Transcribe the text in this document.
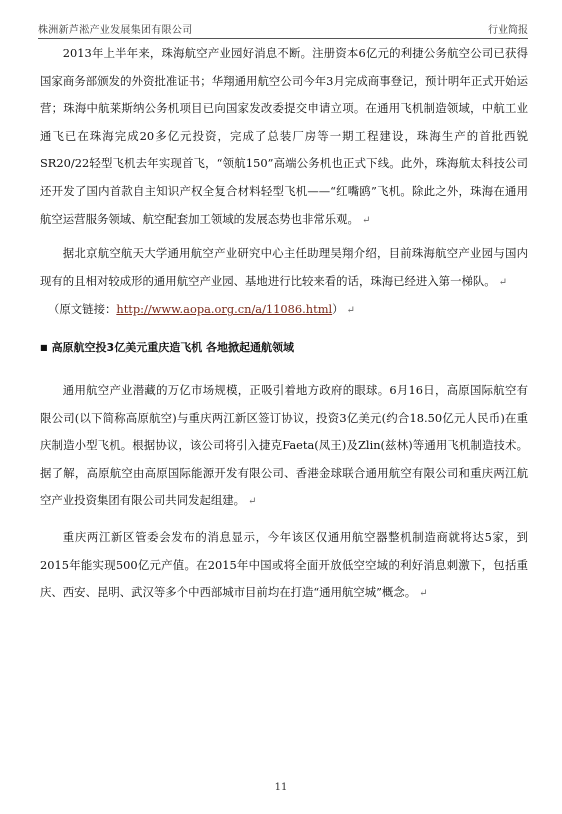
株洲新芦淞产业发展集团有限公司	行业简报

2013年上半年来，珠海航空产业园好消息不断。注册资本6亿元的利捷公务航空公司已获得国家商务部颁发的外资批准证书；华翔通用航空公司今年3月完成商事登记，预计明年正式开始运营；珠海中航莱斯纳公务机项目已向国家发改委提交申请立项。在通用飞机制造领域，中航工业通飞已在珠海完成20多亿元投资，完成了总装厂房等一期工程建设，珠海生产的首批西锐SR20/22轻型飞机去年实现首飞，“领航150”高端公务机也正式下线。此外，珠海航太科技公司还开发了国内首款自主知识产权全复合材料轻型飞机——“红嘴鸥”飞机。除此之外，珠海在通用航空运营服务领域、航空配套加工领域的发展态势也非常乐观。 ↵

据北京航空航天大学通用航空产业研究中心主任助理吴翔介绍，目前珠海航空产业园与国内现有的且相对较成形的通用航空产业园、基地进行比较来看的话，珠海已经进入第一梯队。 ↵

（原文链接：http://www.aopa.org.cn/a/11086.html） ↵

■ 高原航空投3亿美元重庆造飞机 各地掀起通航领域

通用航空产业潜藏的万亿市场规模，正吸引着地方政府的眼球。6月16日，高原国际航空有限公司(以下简称高原航空)与重庆两江新区签订协议，投资3亿美元(约合18.50亿元人民币)在重庆制造小型飞机。根据协议，该公司将引入捷克Faeta(凤王)及Zlin(兹林)等通用飞机制造技术。据了解，高原航空由高原国际能源开发有限公司、香港金球联合通用航空有限公司和重庆两江航空产业投资集团有限公司共同发起组建。 ↵

重庆两江新区管委会发布的消息显示，今年该区仅通用航空器整机制造商就将达5家，到2015年能实现500亿元产值。在2015年中国或将全面开放低空空域的利好消息刺激下，包括重庆、西安、昆明、武汉等多个中西部城市目前均在打造“通用航空城”概念。 ↵

11
